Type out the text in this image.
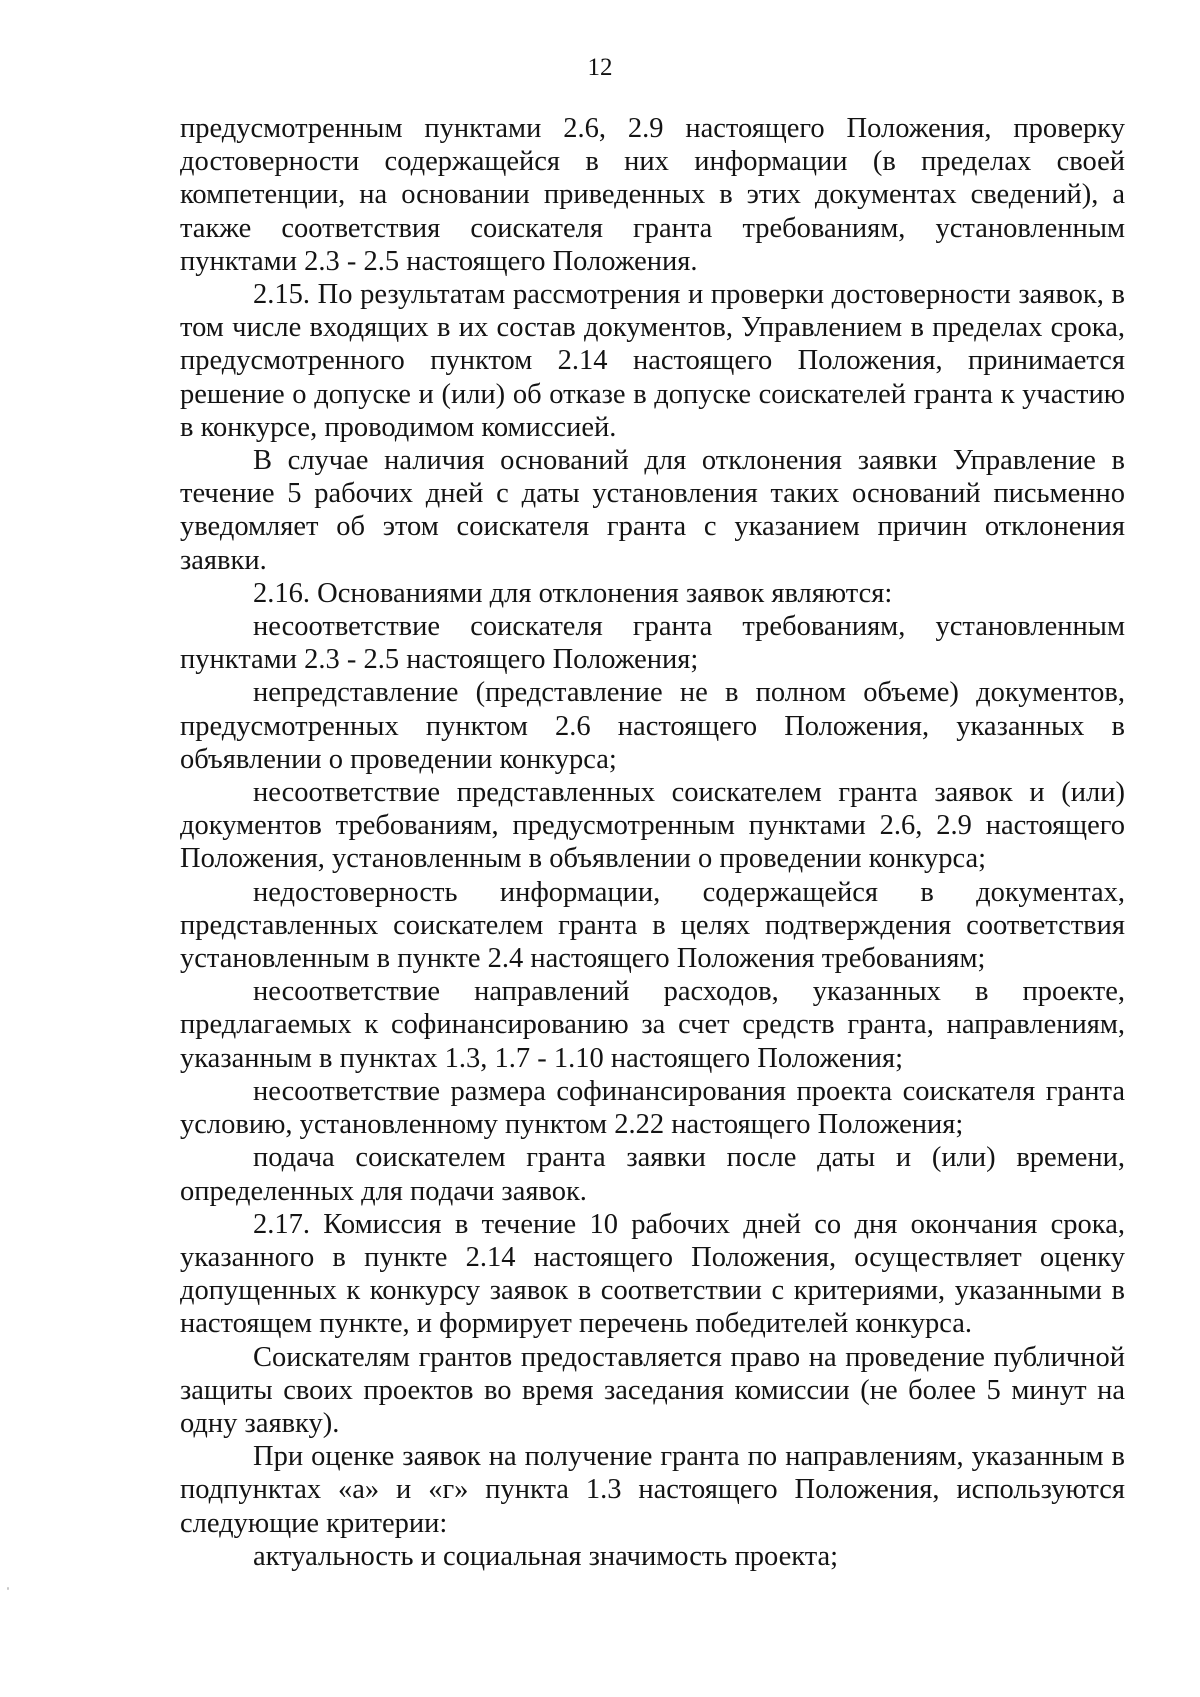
12

предусмотренным пунктами 2.6, 2.9 настоящего Положения, проверку достоверности содержащейся в них информации (в пределах своей компетенции, на основании приведенных в этих документах сведений), а также соответствия соискателя гранта требованиям, установленным пунктами 2.3 - 2.5 настоящего Положения.

2.15. По результатам рассмотрения и проверки достоверности заявок, в том числе входящих в их состав документов, Управлением в пределах срока, предусмотренного пунктом 2.14 настоящего Положения, принимается решение о допуске и (или) об отказе в допуске соискателей гранта к участию в конкурсе, проводимом комиссией.

В случае наличия оснований для отклонения заявки Управление в течение 5 рабочих дней с даты установления таких оснований письменно уведомляет об этом соискателя гранта с указанием причин отклонения заявки.

2.16. Основаниями для отклонения заявок являются:

несоответствие соискателя гранта требованиям, установленным пунктами 2.3 - 2.5 настоящего Положения;

непредставление (представление не в полном объеме) документов, предусмотренных пунктом 2.6 настоящего Положения, указанных в объявлении о проведении конкурса;

несоответствие представленных соискателем гранта заявок и (или) документов требованиям, предусмотренным пунктами 2.6, 2.9 настоящего Положения, установленным в объявлении о проведении конкурса;

недостоверность информации, содержащейся в документах, представленных соискателем гранта в целях подтверждения соответствия установленным в пункте 2.4 настоящего Положения требованиям;

несоответствие направлений расходов, указанных в проекте, предлагаемых к софинансированию за счет средств гранта, направлениям, указанным в пунктах 1.3, 1.7 - 1.10 настоящего Положения;

несоответствие размера софинансирования проекта соискателя гранта условию, установленному пунктом 2.22 настоящего Положения;

подача соискателем гранта заявки после даты и (или) времени, определенных для подачи заявок.

2.17. Комиссия в течение 10 рабочих дней со дня окончания срока, указанного в пункте 2.14 настоящего Положения, осуществляет оценку допущенных к конкурсу заявок в соответствии с критериями, указанными в настоящем пункте, и формирует перечень победителей конкурса.

Соискателям грантов предоставляется право на проведение публичной защиты своих проектов во время заседания комиссии (не более 5 минут на одну заявку).

При оценке заявок на получение гранта по направлениям, указанным в подпунктах «а» и «г» пункта 1.3 настоящего Положения, используются следующие критерии:

актуальность и социальная значимость проекта;
